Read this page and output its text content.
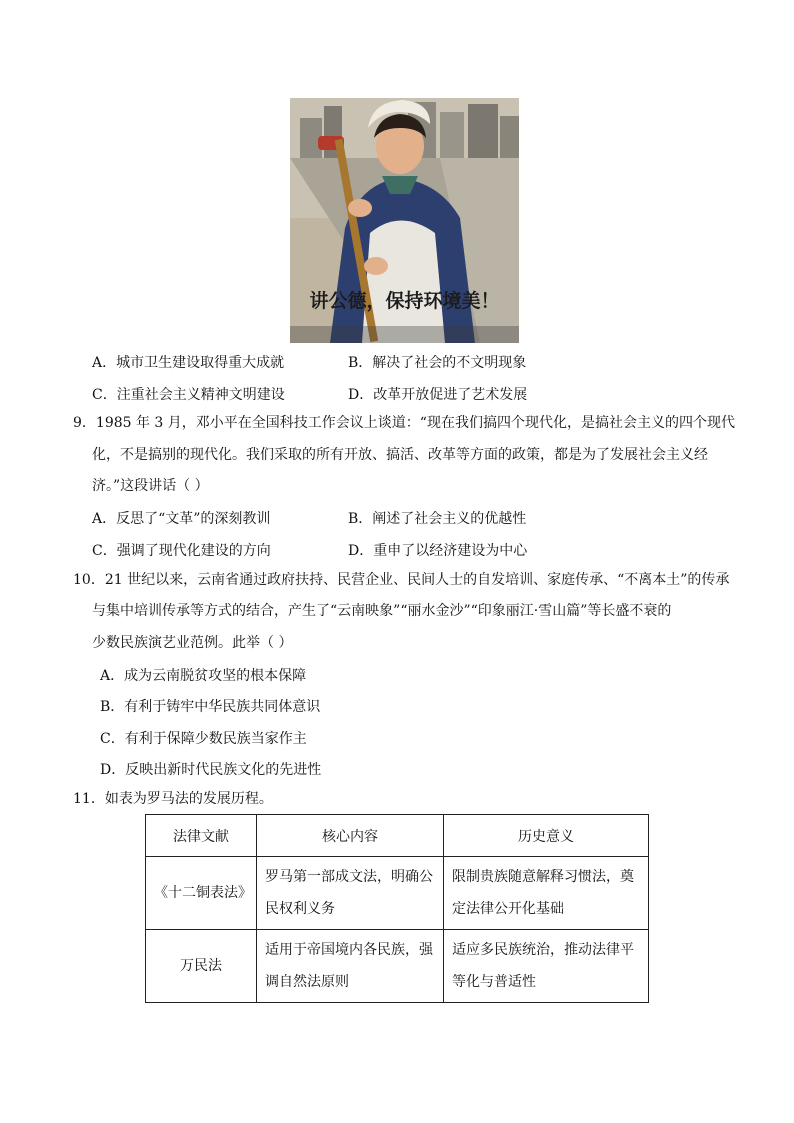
讲公德，保持环境美！
A．城市卫生建设取得重大成就	B．解决了社会的不文明现象
C．注重社会主义精神文明建设	D．改革开放促进了艺术发展
9．1985 年 3 月，邓小平在全国科技工作会议上谈道：“现在我们搞四个现代化，是搞社会主义的四个现代
化，不是搞别的现代化。我们采取的所有开放、搞活、改革等方面的政策，都是为了发展社会主义经
济。”这段讲话（ ）
A．反思了“文革”的深刻教训	B．阐述了社会主义的优越性
C．强调了现代化建设的方向	D．重申了以经济建设为中心
10．21 世纪以来，云南省通过政府扶持、民营企业、民间人士的自发培训、家庭传承、“不离本土”的传承
与集中培训传承等方式的结合，产生了“云南映象”“丽水金沙”“印象丽江·雪山篇”等长盛不衰的
少数民族演艺业范例。此举（ ）
A．成为云南脱贫攻坚的根本保障
B．有利于铸牢中华民族共同体意识
C．有利于保障少数民族当家作主
D．反映出新时代民族文化的先进性
11．如表为罗马法的发展历程。
法律文献	核心内容	历史意义
《十二铜表法》	罗马第一部成文法，明确公民权利义务	限制贵族随意解释习惯法，奠定法律公开化基础
万民法	适用于帝国境内各民族，强调自然法原则	适应多民族统治，推动法律平等化与普适性
